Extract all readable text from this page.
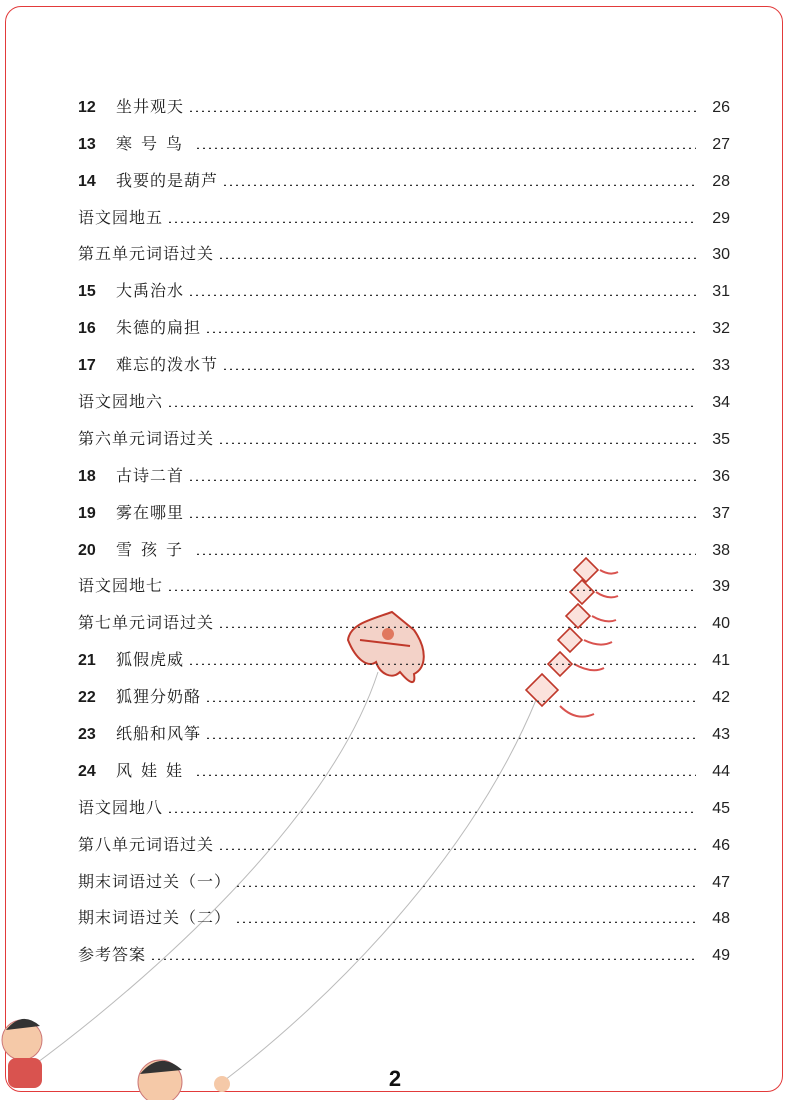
12	坐井观天	26
13	寒号鸟	27
14	我要的是葫芦	28
语文园地五	29
第五单元词语过关	30
15	大禹治水	31
16	朱德的扁担	32
17	难忘的泼水节	33
语文园地六	34
第六单元词语过关	35
18	古诗二首	36
19	雾在哪里	37
20	雪孩子	38
语文园地七	39
第七单元词语过关	40
21	狐假虎威	41
22	狐狸分奶酪	42
23	纸船和风筝	43
24	风娃娃	44
语文园地八	45
第八单元词语过关	46
期末词语过关（一）	47
期末词语过关（二）	48
参考答案	49
2
